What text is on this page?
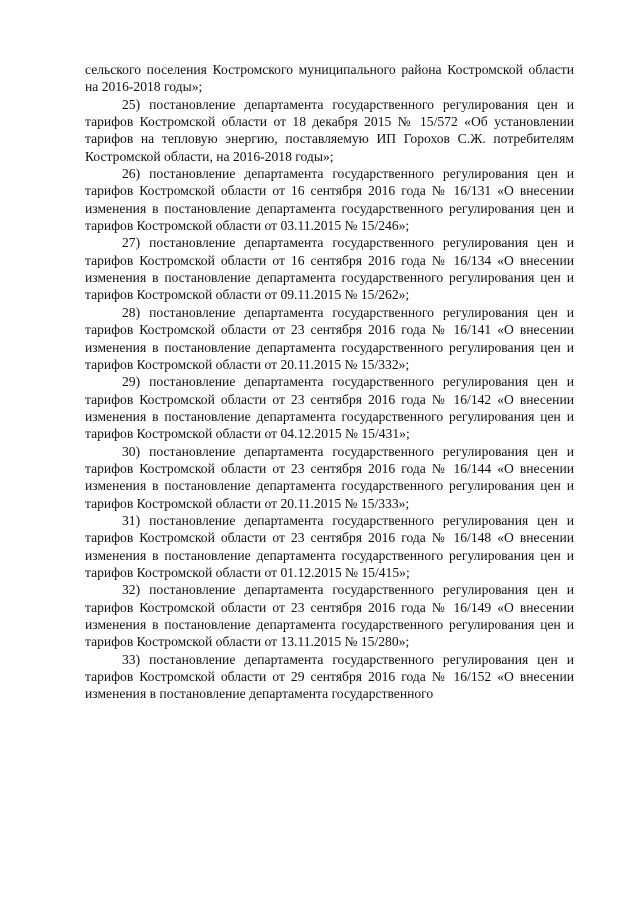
сельского поселения Костромского муниципального района Костромской области на 2016-2018 годы»;

25) постановление департамента государственного регулирования цен и тарифов Костромской области от 18 декабря 2015 № 15/572 «Об установлении тарифов на тепловую энергию, поставляемую ИП Горохов С.Ж. потребителям Костромской области, на 2016-2018 годы»;

26) постановление департамента государственного регулирования цен и тарифов Костромской области от 16 сентября 2016 года № 16/131 «О внесении изменения в постановление департамента государственного регулирования цен и тарифов Костромской области от 03.11.2015 № 15/246»;

27) постановление департамента государственного регулирования цен и тарифов Костромской области от 16 сентября 2016 года № 16/134 «О внесении изменения в постановление департамента государственного регулирования цен и тарифов Костромской области от 09.11.2015 № 15/262»;

28) постановление департамента государственного регулирования цен и тарифов Костромской области от 23 сентября 2016 года № 16/141 «О внесении изменения в постановление департамента государственного регулирования цен и тарифов Костромской области от 20.11.2015 № 15/332»;

29) постановление департамента государственного регулирования цен и тарифов Костромской области от 23 сентября 2016 года № 16/142 «О внесении изменения в постановление департамента государственного регулирования цен и тарифов Костромской области от 04.12.2015 № 15/431»;

30) постановление департамента государственного регулирования цен и тарифов Костромской области от 23 сентября 2016 года № 16/144 «О внесении изменения в постановление департамента государственного регулирования цен и тарифов Костромской области от 20.11.2015 № 15/333»;

31) постановление департамента государственного регулирования цен и тарифов Костромской области от 23 сентября 2016 года № 16/148 «О внесении изменения в постановление департамента государственного регулирования цен и тарифов Костромской области от 01.12.2015 № 15/415»;

32) постановление департамента государственного регулирования цен и тарифов Костромской области от 23 сентября 2016 года № 16/149 «О внесении изменения в постановление департамента государственного регулирования цен и тарифов Костромской области от 13.11.2015 № 15/280»;

33) постановление департамента государственного регулирования цен и тарифов Костромской области от 29 сентября 2016 года № 16/152 «О внесении изменения в постановление департамента государственного
